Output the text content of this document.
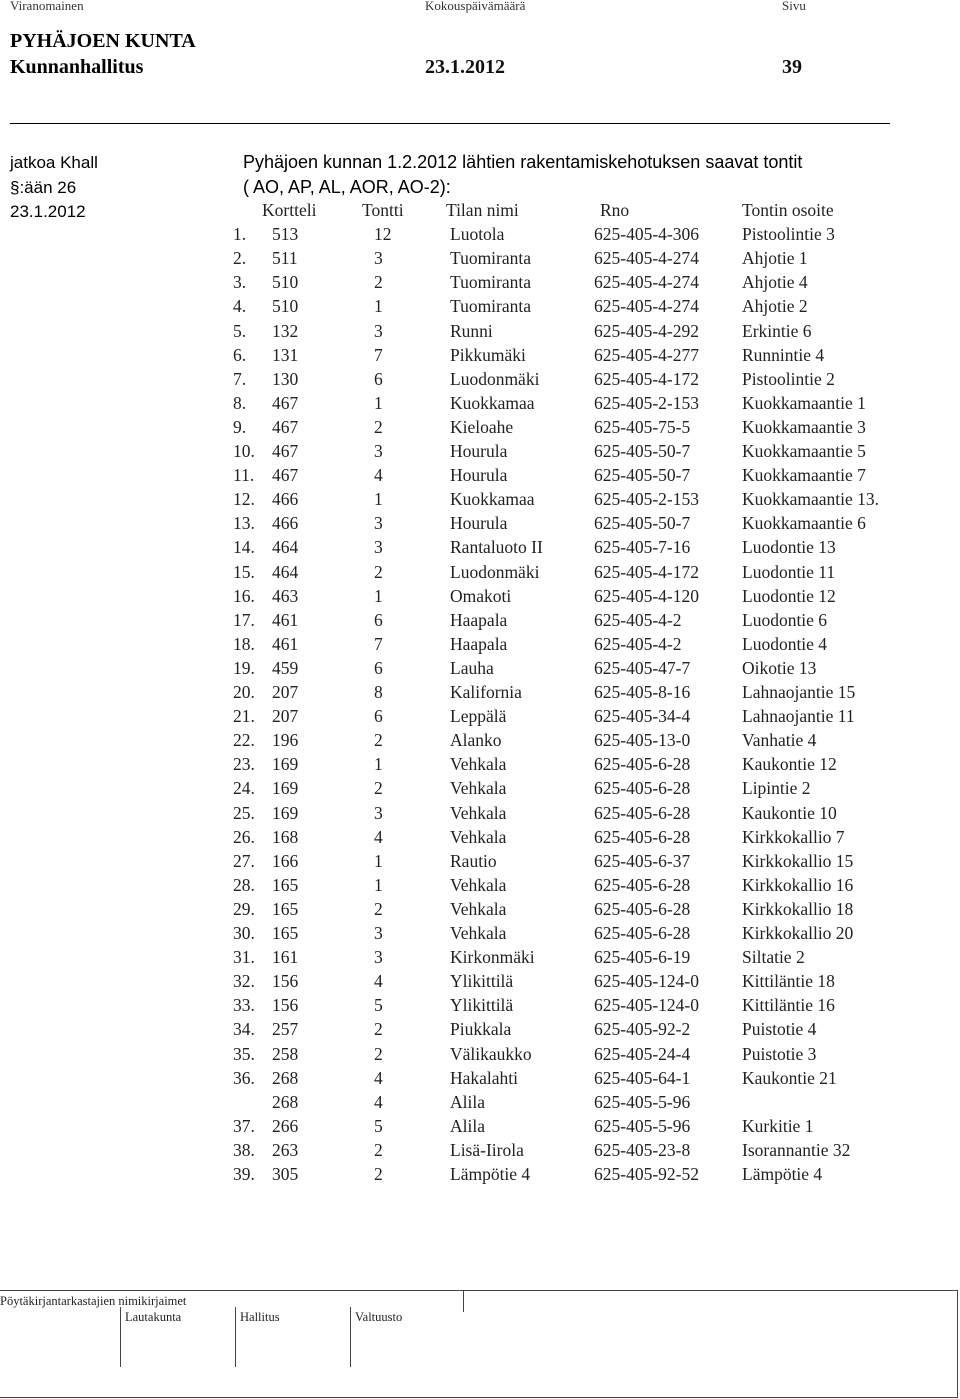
Viranomainen	Kokouspäivämäärä	Sivu
PYHÄJOEN KUNTA
Kunnanhallitus	23.1.2012	39
jatkoa Khall
§:ään 26
23.1.2012
Pyhäjoen kunnan 1.2.2012 lähtien rakentamiskehotuksen saavat tontit
( AO, AP, AL, AOR, AO-2):
Kortteli	Tontti Tilan nimi	Rno	Tontin osoite
1. 513	12	Luotola	625-405-4-306 Pistoolintie 3
2. 511	3	Tuomiranta	625-405-4-274 Ahjotie 1
3. 510	2	Tuomiranta	625-405-4-274 Ahjotie 4
4. 510	1	Tuomiranta	625-405-4-274 Ahjotie 2
5. 132	3	Runni	625-405-4-292 Erkintie 6
6. 131	7	Pikkumäki	625-405-4-277 Runnintie 4
7. 130	6	Luodonmäki	625-405-4-172 Pistoolintie 2
8. 467	1	Kuokkamaa	625-405-2-153 Kuokkamaantie 1
9. 467	2	Kieloahe	625-405-75-5	Kuokkamaantie 3
10. 467	3	Hourula	625-405-50-7	Kuokkamaantie 5
11. 467	4	Hourula	625-405-50-7	Kuokkamaantie 7
12. 466	1	Kuokkamaa	625-405-2-153 Kuokkamaantie 13.
13. 466	3	Hourula	625-405-50-7	Kuokkamaantie 6
14. 464	3	Rantaluoto II	625-405-7-16	Luodontie 13
15. 464	2	Luodonmäki	625-405-4-172 Luodontie 11
16. 463	1	Omakoti	625-405-4-120 Luodontie 12
17. 461	6	Haapala	625-405-4-2	Luodontie 6
18. 461	7	Haapala	625-405-4-2	Luodontie 4
19. 459	6	Lauha	625-405-47-7	Oikotie 13
20. 207	8	Kalifornia	625-405-8-16	Lahnaojantie 15
21. 207	6	Leppälä	625-405-34-4	Lahnaojantie 11
22. 196	2	Alanko	625-405-13-0	Vanhatie 4
23. 169	1	Vehkala	625-405-6-28	Kaukontie 12
24. 169	2	Vehkala	625-405-6-28	Lipintie 2
25. 169	3	Vehkala	625-405-6-28	Kaukontie 10
26. 168	4	Vehkala	625-405-6-28	Kirkkokallio 7
27. 166	1	Rautio	625-405-6-37	Kirkkokallio 15
28. 165	1	Vehkala	625-405-6-28	Kirkkokallio 16
29. 165	2	Vehkala	625-405-6-28	Kirkkokallio 18
30. 165	3	Vehkala	625-405-6-28	Kirkkokallio 20
31. 161	3	Kirkonmäki	625-405-6-19	Siltatie 2
32. 156	4	Ylikittilä	625-405-124-0 Kittiläntie 18
33. 156	5	Ylikittilä	625-405-124-0 Kittiläntie 16
34. 257	2	Piukkala	625-405-92-2	Puistotie 4
35. 258	2	Välikaukko	625-405-24-4	Puistotie 3
36. 268	4	Hakalahti	625-405-64-1	Kaukontie 21
268	4	Alila	625-405-5-96
37. 266	5	Alila	625-405-5-96	Kurkitie 1
38. 263	2	Lisä-Iirola	625-405-23-8	Isorannantie 32
39. 305	2	Lämpötie 4	625-405-92-52 Lämpötie 4
Pöytäkirjantarkastajien nimikirjaimet
Lautakunta	Hallitus	Valtuusto
